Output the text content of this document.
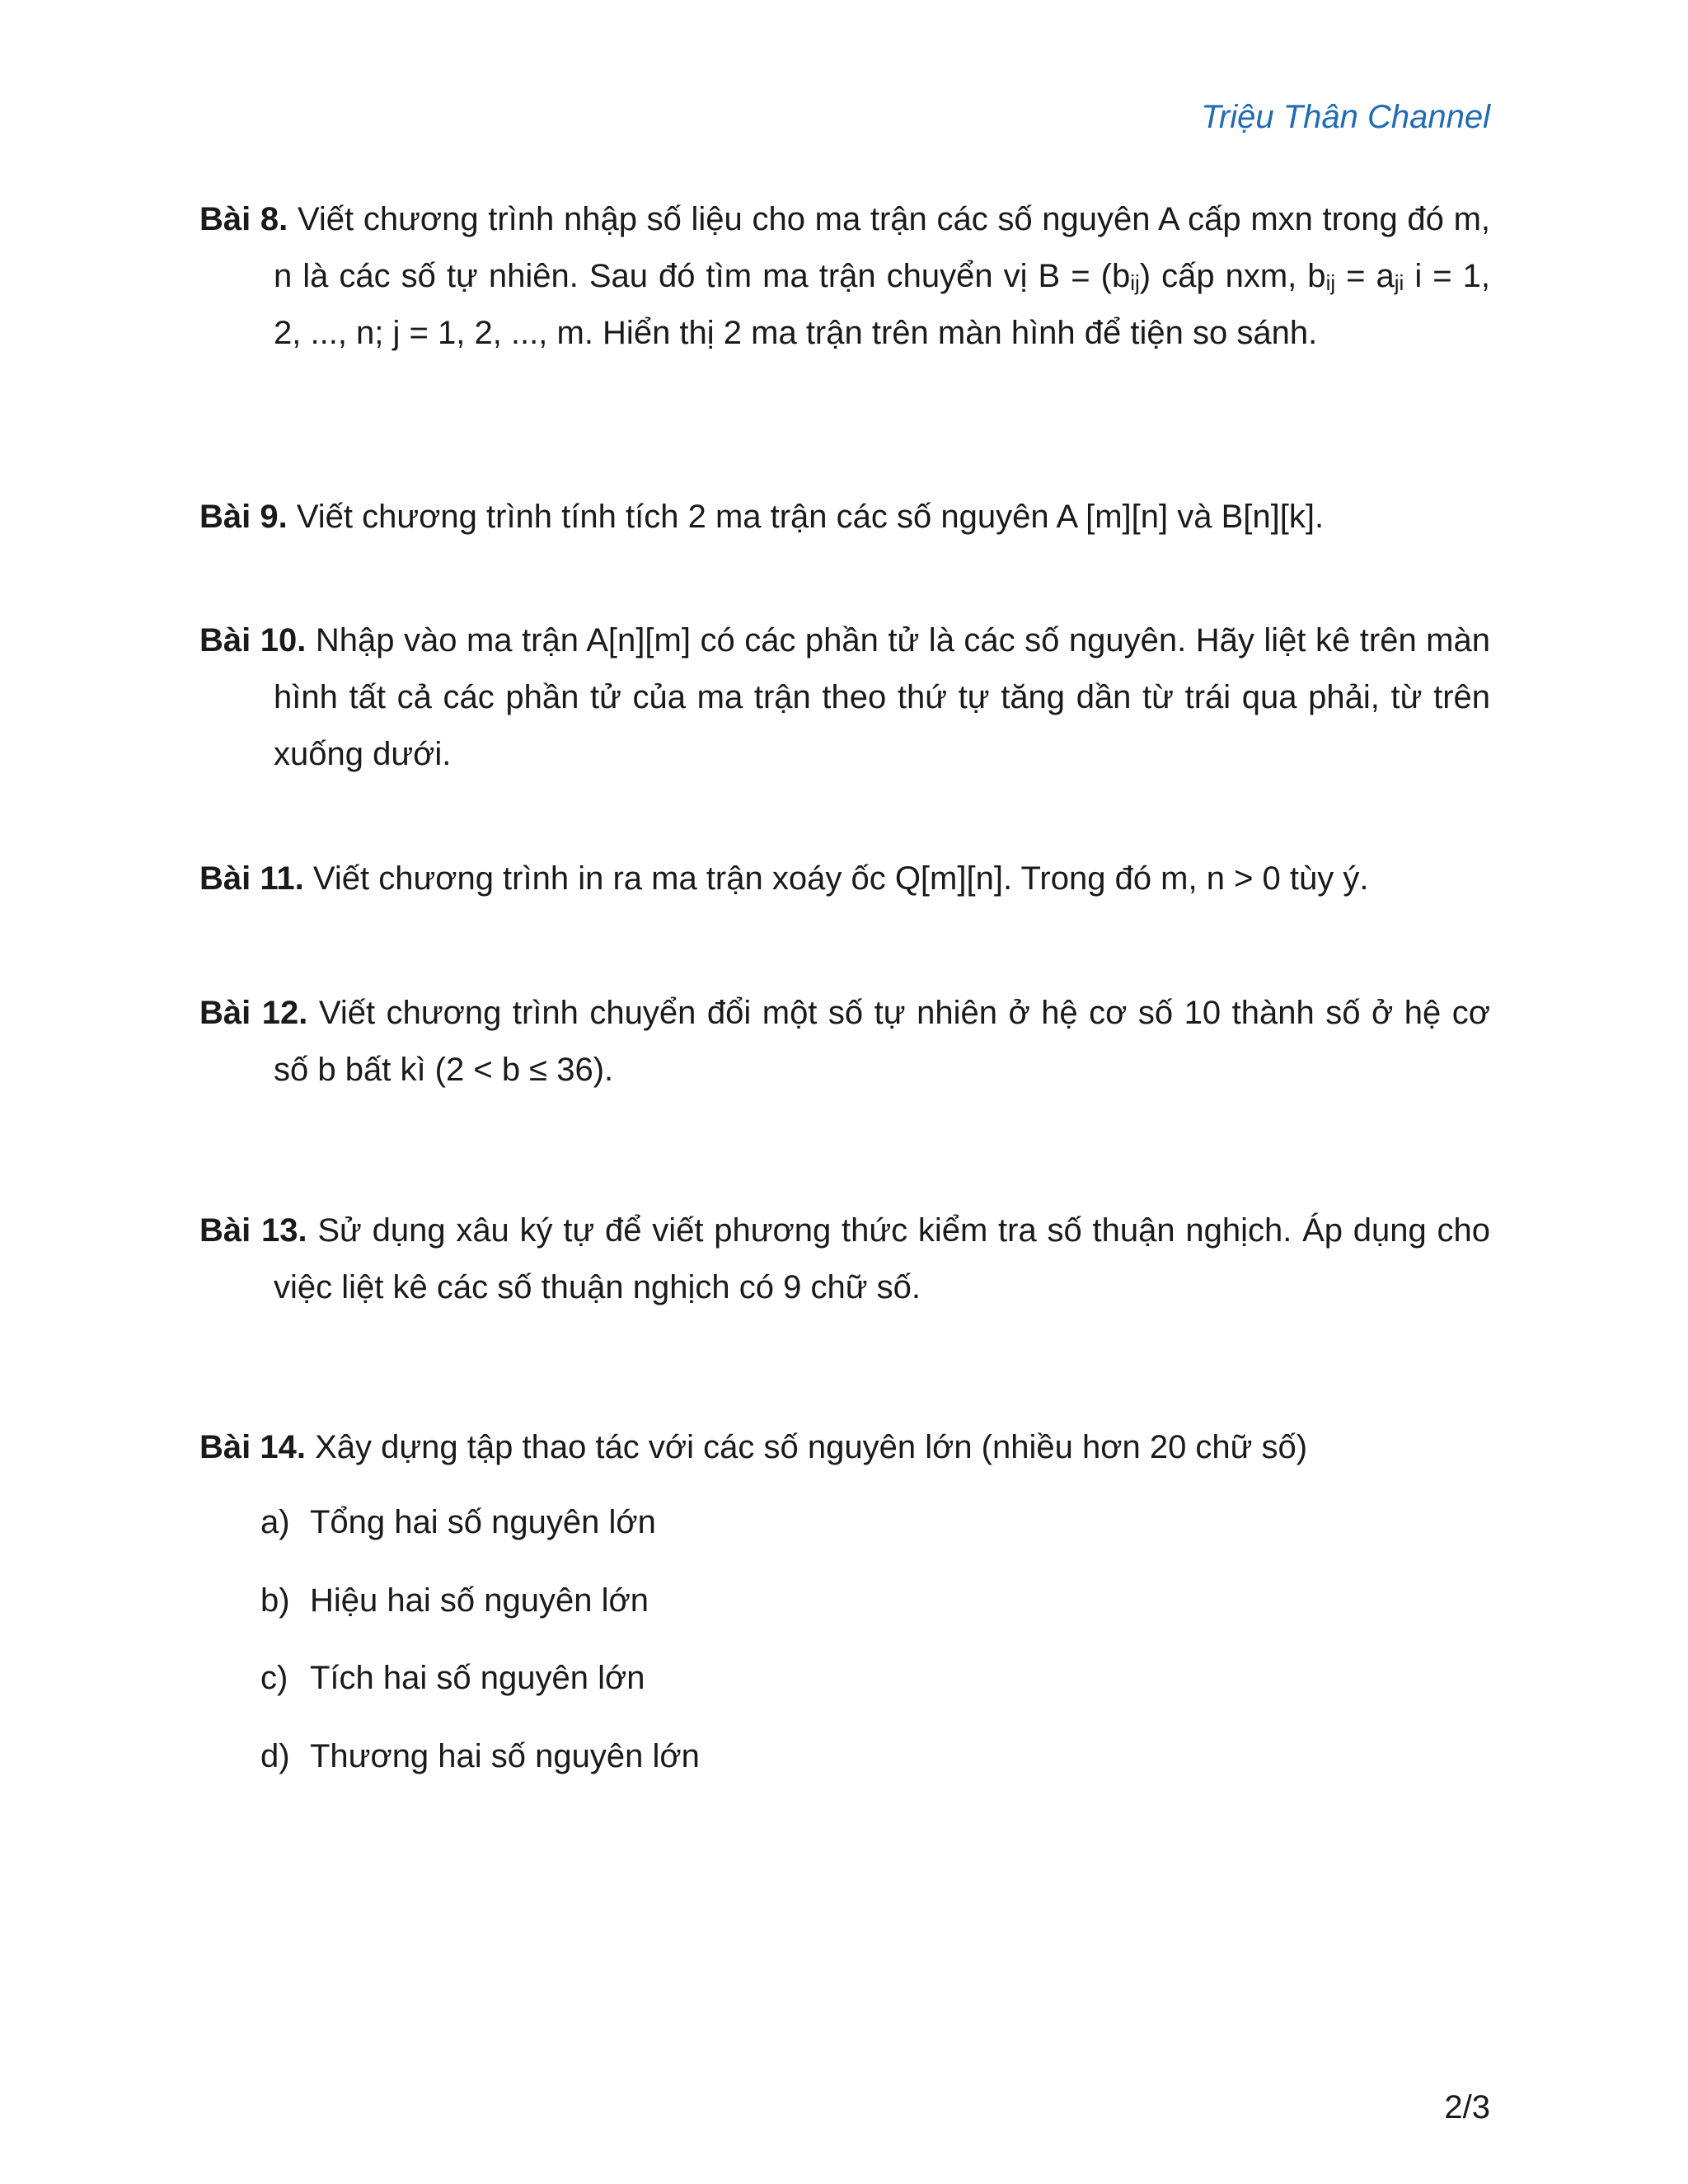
Triệu Thân Channel
Bài 8. Viết chương trình nhập số liệu cho ma trận các số nguyên A cấp mxn trong đó m, n là các số tự nhiên. Sau đó tìm ma trận chuyển vị $B = (b_{ij})$ cấp nxm, $b_{ij} = a_{ji}$ i = 1, 2, ..., n; j = 1, 2, ..., m. Hiển thị 2 ma trận trên màn hình để tiện so sánh.
Bài 9. Viết chương trình tính tích 2 ma trận các số nguyên A [m][n] và B[n][k].
Bài 10. Nhập vào ma trận A[n][m] có các phần tử là các số nguyên. Hãy liệt kê trên màn hình tất cả các phần tử của ma trận theo thứ tự tăng dần từ trái qua phải, từ trên xuống dưới.
Bài 11. Viết chương trình in ra ma trận xoáy ốc Q[m][n]. Trong đó m, n > 0 tùy ý.
Bài 12. Viết chương trình chuyển đổi một số tự nhiên ở hệ cơ số 10 thành số ở hệ cơ số b bất kì (2 < b ≤ 36).
Bài 13. Sử dụng xâu ký tự để viết phương thức kiểm tra số thuận nghịch. Áp dụng cho việc liệt kê các số thuận nghịch có 9 chữ số.
Bài 14. Xây dựng tập thao tác với các số nguyên lớn (nhiều hơn 20 chữ số)
a) Tổng hai số nguyên lớn
b) Hiệu hai số nguyên lớn
c) Tích hai số nguyên lớn
d) Thương hai số nguyên lớn
2/3
